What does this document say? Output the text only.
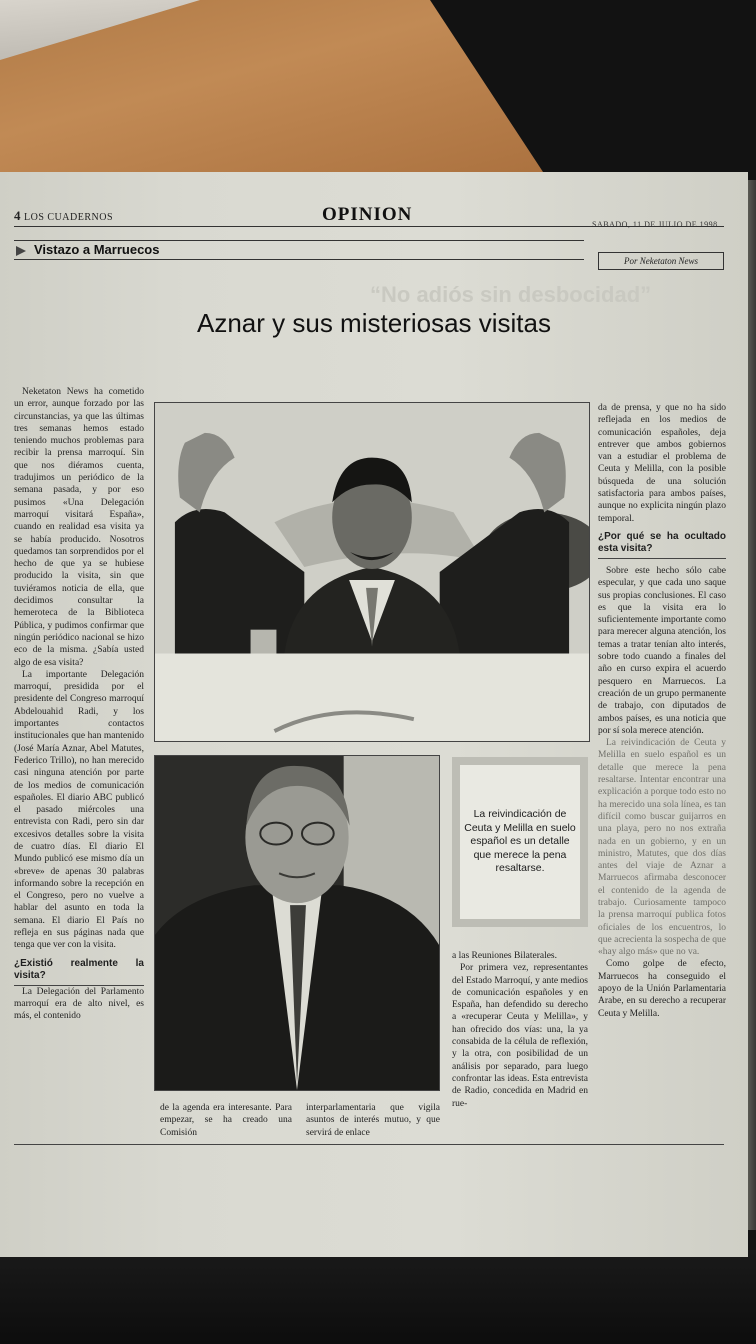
4 LOS CUADERNOS	OPINION	SABADO, 11 DE JULIO DE 1998
Vistazo a Marruecos
Por Neketaton News
“No adiós sin desbocidad”
Aznar y sus misteriosas visitas

Neketaton News ha cometido un error, aunque forzado por las circunstancias, ya que las últimas tres semanas hemos estado teniendo muchos problemas para recibir la prensa marroquí. Sin que nos diéramos cuenta, tradujimos un periódico de la semana pasada, y por eso pusimos «Una Delegación marroquí visitará España», cuando en realidad esa visita ya se había producido. Nosotros quedamos tan sorprendidos por el hecho de que ya se hubiese producido la visita, sin que tuviéramos noticia de ella, que decidimos consultar la hemeroteca de la Biblioteca Pública, y pudimos confirmar que ningún periódico nacional se hizo eco de la misma. ¿Sabía usted algo de esa visita?

La importante Delegación marroquí, presidida por el presidente del Congreso marroquí Abdelouahid Radi, y los importantes contactos institucionales que han mantenido (José María Aznar, Abel Matutes, Federico Trillo), no han merecido casi ninguna atención por parte de los medios de comunicación españoles. El diario ABC publicó el pasado miércoles una entrevista con Radi, pero sin dar excesivos detalles sobre la visita de cuatro días. El diario El Mundo publicó ese mismo día un «breve» de apenas 30 palabras informando sobre la recepción en el Congreso, pero no vuelve a hablar del asunto en toda la semana. El diario El País no refleja en sus páginas nada que tenga que ver con la visita.

¿Existió realmente la visita?

La Delegación del Parlamento marroquí era de alto nivel, es más, el contenido

La reivindicación de Ceuta y Melilla en suelo español es un detalle que merece la pena resaltarse.

a las Reuniones Bilaterales.

Por primera vez, representantes del Estado Marroquí, y ante medios de comunicación españoles y en España, han defendido su derecho a «recuperar Ceuta y Melilla», y han ofrecido dos vías: una, la ya consabida de la célula de reflexión, y la otra, con posibilidad de un análisis por separado, para luego confrontar las ideas. Esta entrevista de Radio, concedida en Madrid en rue-

da de prensa, y que no ha sido reflejada en los medios de comunicación españoles, deja entrever que ambos gobiernos van a estudiar el problema de Ceuta y Melilla, con la posible búsqueda de una solución satisfactoria para ambos países, aunque no explicita ningún plazo temporal.

¿Por qué se ha ocultado esta visita?

Sobre este hecho sólo cabe especular, y que cada uno saque sus propias conclusiones. El caso es que la visita era lo suficientemente importante como para merecer alguna atención, los temas a tratar tenían alto interés, sobre todo cuando a finales del año en curso expira el acuerdo pesquero en Marruecos. La creación de un grupo permanente de trabajo, con diputados de ambos países, es una noticia que por sí sola merece atención.

La reivindicación de Ceuta y Melilla en suelo español es un detalle que merece la pena resaltarse. Intentar encontrar una explicación a porque todo esto no ha merecido una sola línea, es tan difícil como buscar guijarros en una playa, pero no nos extraña nada en un gobierno, y en un ministro, Matutes, que dos días antes del viaje de Aznar a Marruecos afirmaba desconocer el contenido de la agenda de trabajo. Curiosamente tampoco la prensa marroquí publica fotos oficiales de los encuentros, lo que acrecienta la sospecha de que «hay algo más» que no va.

Como golpe de efecto, Marruecos ha conseguido el apoyo de la Unión Parlamentaria Arabe, en su derecho a recuperar Ceuta y Melilla.

de la agenda era interesante. Para empezar, se ha creado una Comisión
interparlamentaria que vigila asuntos de interés mutuo, y que servirá de enlace
